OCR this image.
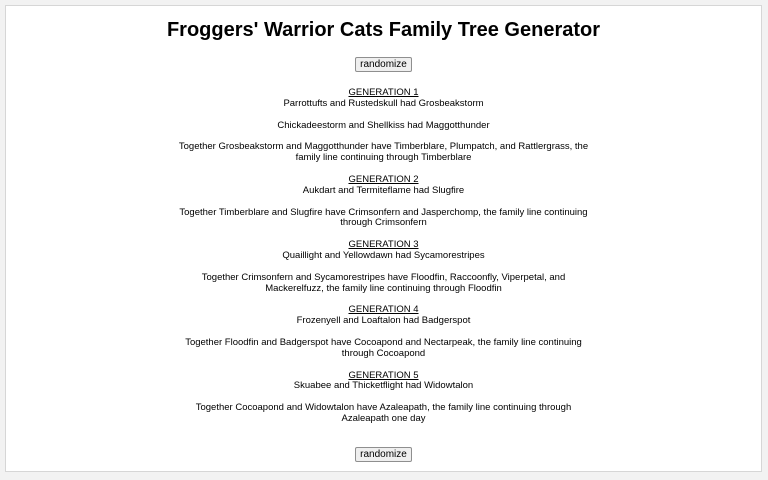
Froggers' Warrior Cats Family Tree Generator
randomize
GENERATION 1

Parrottufts and Rustedskull had Grosbeakstorm

Chickadeestorm and Shellkiss had Maggotthunder

Together Grosbeakstorm and Maggotthunder have Timberblare, Plumpatch, and Rattlergrass, the family line continuing through Timberblare

GENERATION 2

Aukdart and Termiteflame had Slugfire

Together Timberblare and Slugfire have Crimsonfern and Jasperchomp, the family line continuing through Crimsonfern

GENERATION 3

Quaillight and Yellowdawn had Sycamorestripes

Together Crimsonfern and Sycamorestripes have Floodfin, Raccoonfly, Viperpetal, and Mackerelfuzz, the family line continuing through Floodfin

GENERATION 4

Frozenyell and Loaftalon had Badgerspot

Together Floodfin and Badgerspot have Cocoapond and Nectarpeak, the family line continuing through Cocoapond

GENERATION 5

Skuabee and Thicketflight had Widowtalon

Together Cocoapond and Widowtalon have Azaleapath, the family line continuing through Azaleapath one day

randomize
